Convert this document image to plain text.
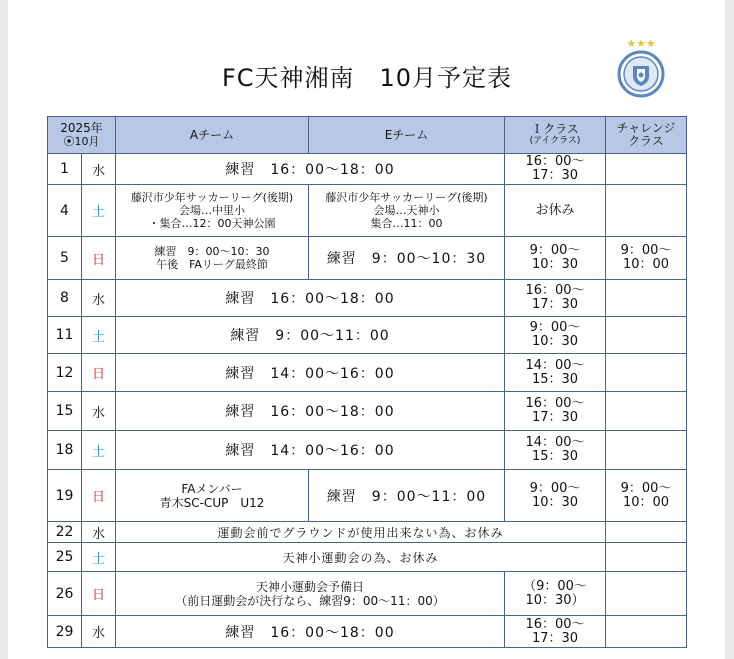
FC天神湘南　10月予定表
★★★
2025年
⦿10月		Aチーム	Eチーム	Ｉクラス
(アイクラス)	チャレンジ
クラス
1	水	練習　16：00〜18：00		16：00〜
17：30	
4	土	藤沢市少年サッカーリーグ(後期)
会場…中里小
・集合…12：00天神公園	藤沢市少年サッカーリーグ(後期)
会場…天神小
集合…11：00	お休み	
5	日	練習　9：00〜10：30
午後　FAリーグ最終節	練習　9：00〜10：30	9：00〜
10：30	9：00〜
10：00
8	水	練習　16：00〜18：00		16：00〜
17：30	
11	土	練習　9：00〜11：00		9：00〜
10：30	
12	日	練習　14：00〜16：00		14：00〜
15：30	
15	水	練習　16：00〜18：00		16：00〜
17：30	
18	土	練習　14：00〜16：00		14：00〜
15：30	
19	日	FAメンバー
青木SC-CUP　U12	練習　9：00〜11：00	9：00〜
10：30	9：00〜
10：00
22	水	運動会前でグラウンドが使用出来ない為、お休み			
25	土	天神小運動会の為、お休み			
26	日	天神小運動会予備日
（前日運動会が決行なら、練習9：00〜11：00）		（9：00〜
10：30）	
29	水	練習　16：00〜18：00		16：00〜
17：30	
